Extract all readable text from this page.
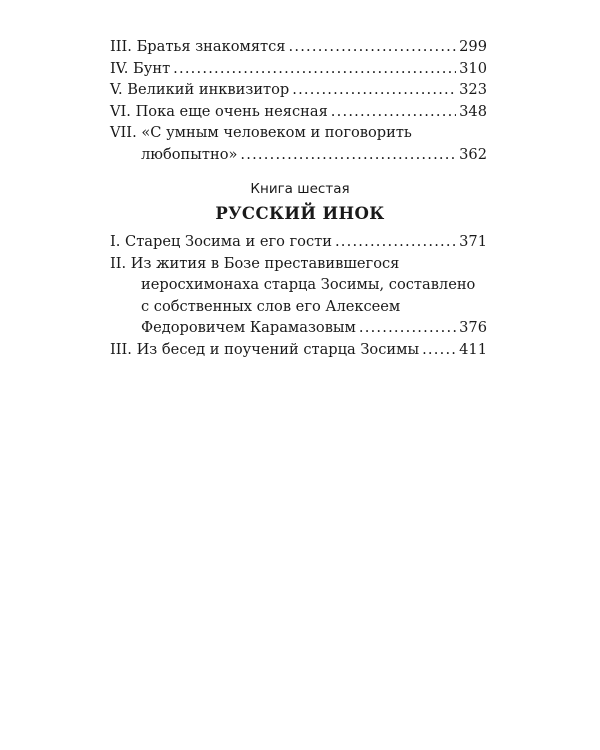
III. Братья знакомятся .....	299
IV. Бунт .....	310
V. Великий инквизитор .....	323
VI. Пока еще очень неясная .....	348
VII. «С умным человеком и поговорить
любопытно» .....	362
Книга шестая
РУССКИЙ ИНОК
I. Старец Зосима и его гости .....	371
II. Из жития в Бозе преставившегося
иеросхимонаха старца Зосимы, составлено
с собственных слов его Алексеем
Федоровичем Карамазовым .....	376
III. Из бесед и поучений старца Зосимы .....	411
